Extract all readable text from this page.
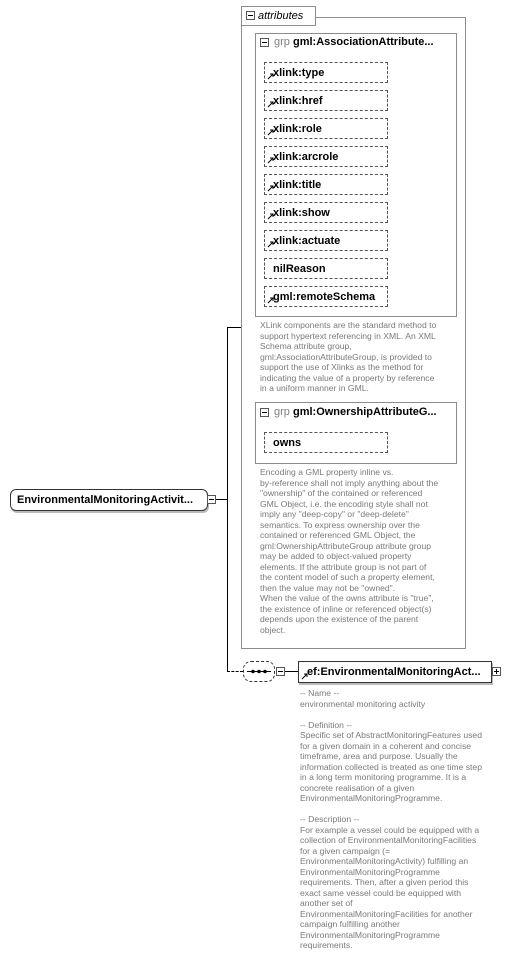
EnvironmentalMonitoringActivit...
attributes
grp gml:AssociationAttribute...
xlink:type
xlink:href
xlink:role
xlink:arcrole
xlink:title
xlink:show
xlink:actuate
nilReason
gml:remoteSchema
XLink components are the standard method to
support hypertext referencing in XML. An XML
Schema attribute group,
gml:AssociationAttributeGroup, is provided to
support the use of Xlinks as the method for
indicating the value of a property by reference
in a uniform manner in GML.
grp gml:OwnershipAttributeG...
owns
Encoding a GML property inline vs.
by-reference shall not imply anything about the
"ownership" of the contained or referenced
GML Object, i.e. the encoding style shall not
imply any "deep-copy" or "deep-delete"
semantics. To express ownership over the
contained or referenced GML Object, the
gml:OwnershipAttributeGroup attribute group
may be added to object-valued property
elements. If the attribute group is not part of
the content model of such a property element,
then the value may not be "owned".
When the value of the owns attribute is "true",
the existence of inline or referenced object(s)
depends upon the existence of the parent
object.
ef:EnvironmentalMonitoringAct...
-- Name --
environmental monitoring activity

-- Definition --
Specific set of AbstractMonitoringFeatures used
for a given domain in a coherent and concise
timeframe, area and purpose. Usually the
information collected is treated as one time step
in a long term monitoring programme. It is a
concrete realisation of a given
EnvironmentalMonitoringProgramme.

-- Description --
For example a vessel could be equipped with a
collection of EnvironmentalMonitoringFacilities
for a given campaign (=
EnvironmentalMonitoringActivity) fulfilling an
EnvironmentalMonitoringProgramme
requirements. Then, after a given period this
exact same vessel could be equipped with
another set of
EnvironmentalMonitoringFacilities for another
campaign fulfilling another
EnvironmentalMonitoringProgramme
requirements.
